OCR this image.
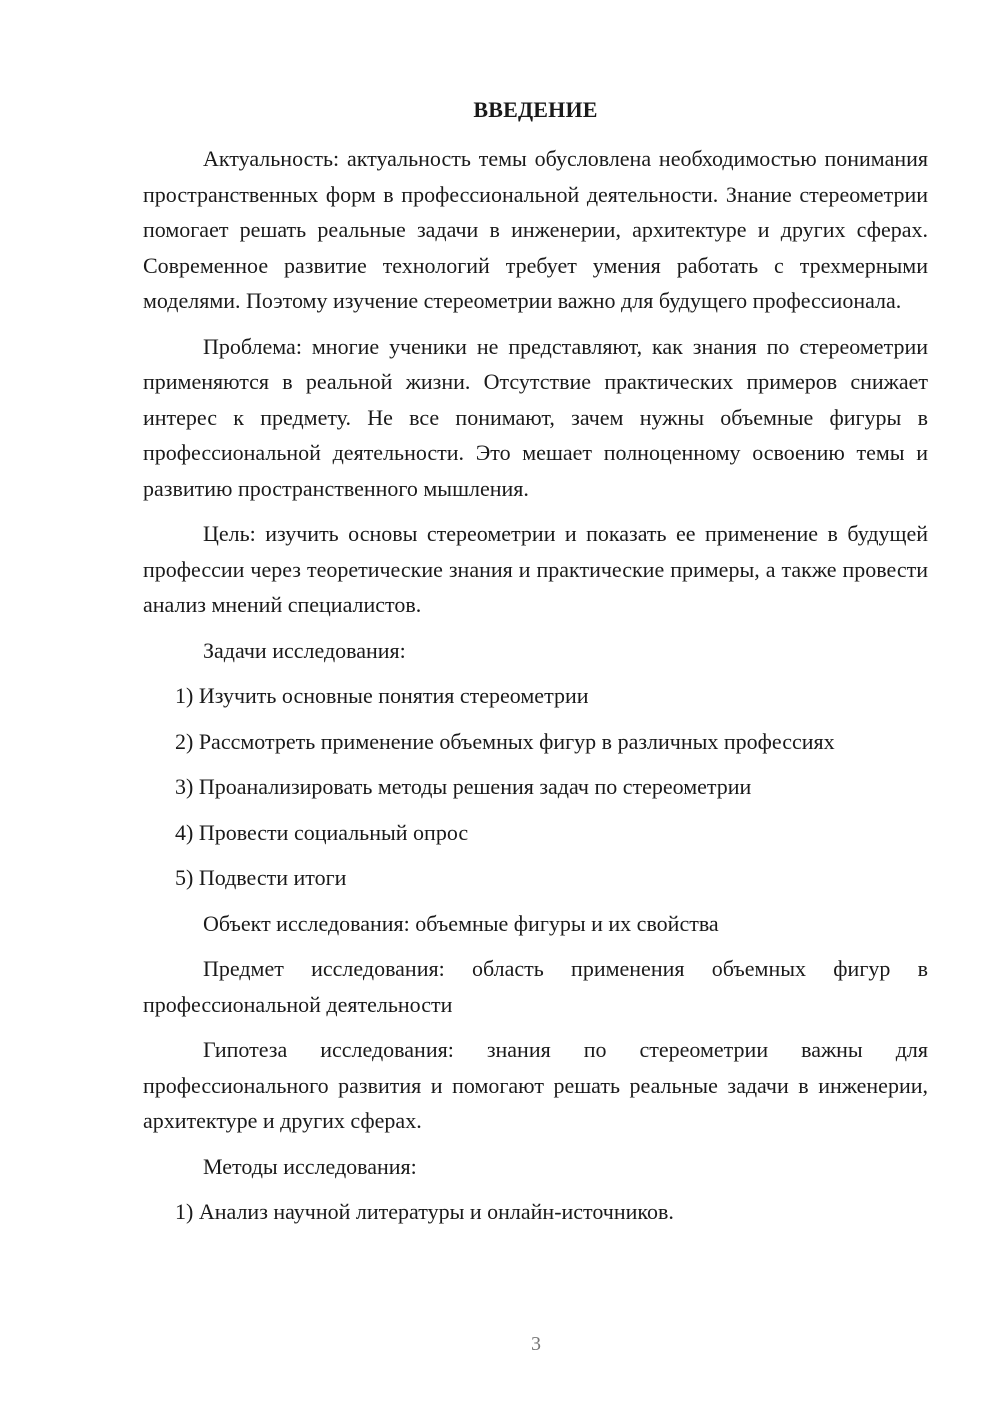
ВВЕДЕНИЕ

Актуальность: актуальность темы обусловлена необходимостью понимания пространственных форм в профессиональной деятельности. Знание стереометрии помогает решать реальные задачи в инженерии, архитектуре и других сферах. Современное развитие технологий требует умения работать с трехмерными моделями. Поэтому изучение стереометрии важно для будущего профессионала.

Проблема: многие ученики не представляют, как знания по стереометрии применяются в реальной жизни. Отсутствие практических примеров снижает интерес к предмету. Не все понимают, зачем нужны объемные фигуры в профессиональной деятельности. Это мешает полноценному освоению темы и развитию пространственного мышления.

Цель: изучить основы стереометрии и показать ее применение в будущей профессии через теоретические знания и практические примеры, а также провести анализ мнений специалистов.

Задачи исследования:

1) Изучить основные понятия стереометрии

2) Рассмотреть применение объемных фигур в различных профессиях

3) Проанализировать методы решения задач по стереометрии

4) Провести социальный опрос

5) Подвести итоги

Объект исследования: объемные фигуры и их свойства

Предмет исследования: область применения объемных фигур в профессиональной деятельности

Гипотеза исследования: знания по стереометрии важны для профессионального развития и помогают решать реальные задачи в инженерии, архитектуре и других сферах.

Методы исследования:

1) Анализ научной литературы и онлайн-источников.

3
